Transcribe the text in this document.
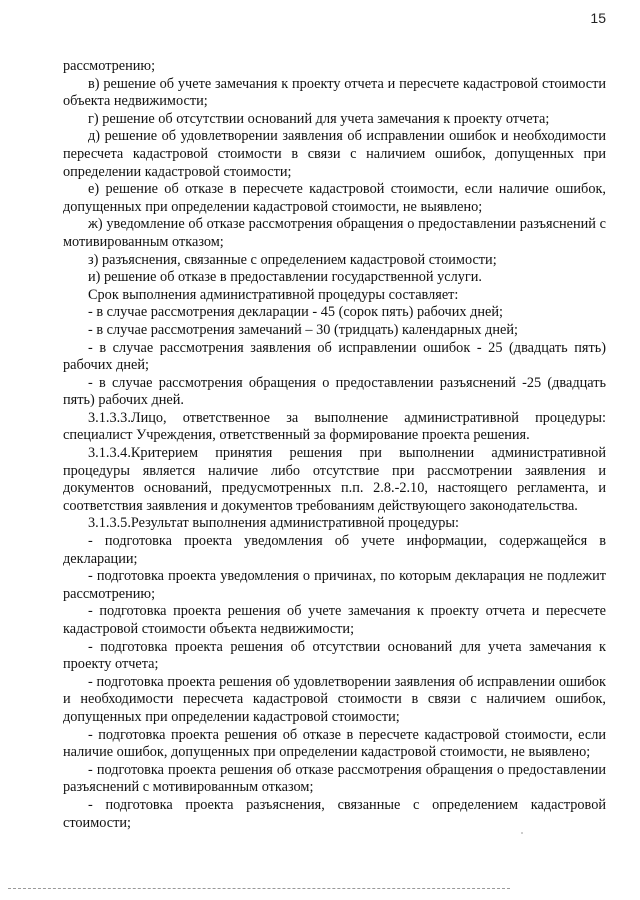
15

рассмотрению;

в) решение об учете замечания к проекту отчета и пересчете кадастровой стоимости объекта недвижимости;

г) решение об отсутствии оснований для учета замечания к проекту отчета;

д) решение об удовлетворении заявления об исправлении ошибок и необходимости пересчета кадастровой стоимости в связи с наличием ошибок, допущенных при определении кадастровой стоимости;

е) решение об отказе в пересчете кадастровой стоимости, если наличие ошибок, допущенных при определении кадастровой стоимости, не выявлено;

ж) уведомление об отказе рассмотрения обращения о предоставлении разъяснений с мотивированным отказом;

з) разъяснения, связанные с определением кадастровой стоимости;

и) решение об отказе в предоставлении государственной услуги.

Срок выполнения административной процедуры составляет:

- в случае рассмотрения декларации - 45 (сорок пять) рабочих дней;

- в случае рассмотрения замечаний – 30 (тридцать) календарных дней;

- в случае рассмотрения заявления об исправлении ошибок - 25 (двадцать пять) рабочих дней;

- в случае рассмотрения обращения о предоставлении разъяснений -25 (двадцать пять) рабочих дней.

3.1.3.3.Лицо, ответственное за выполнение административной процедуры: специалист Учреждения, ответственный за формирование проекта решения.

3.1.3.4.Критерием принятия решения при выполнении административной процедуры является наличие либо отсутствие при рассмотрении заявления и документов оснований, предусмотренных п.п. 2.8.-2.10, настоящего регламента, и соответствия заявления и документов требованиям действующего законодательства.

3.1.3.5.Результат выполнения административной процедуры:

- подготовка проекта уведомления об учете информации, содержащейся в декларации;

- подготовка проекта уведомления о причинах, по которым декларация не подлежит рассмотрению;

- подготовка проекта решения об учете замечания к проекту отчета и пересчете кадастровой стоимости объекта недвижимости;

- подготовка проекта решения об отсутствии оснований для учета замечания к проекту отчета;

- подготовка проекта решения об удовлетворении заявления об исправлении ошибок и необходимости пересчета кадастровой стоимости в связи с наличием ошибок, допущенных при определении кадастровой стоимости;

- подготовка проекта решения об отказе в пересчете кадастровой стоимости, если наличие ошибок, допущенных при определении кадастровой стоимости, не выявлено;

- подготовка проекта решения об отказе рассмотрения обращения о предоставлении разъяснений с мотивированным отказом;

- подготовка проекта разъяснения, связанные с определением кадастровой стоимости;
